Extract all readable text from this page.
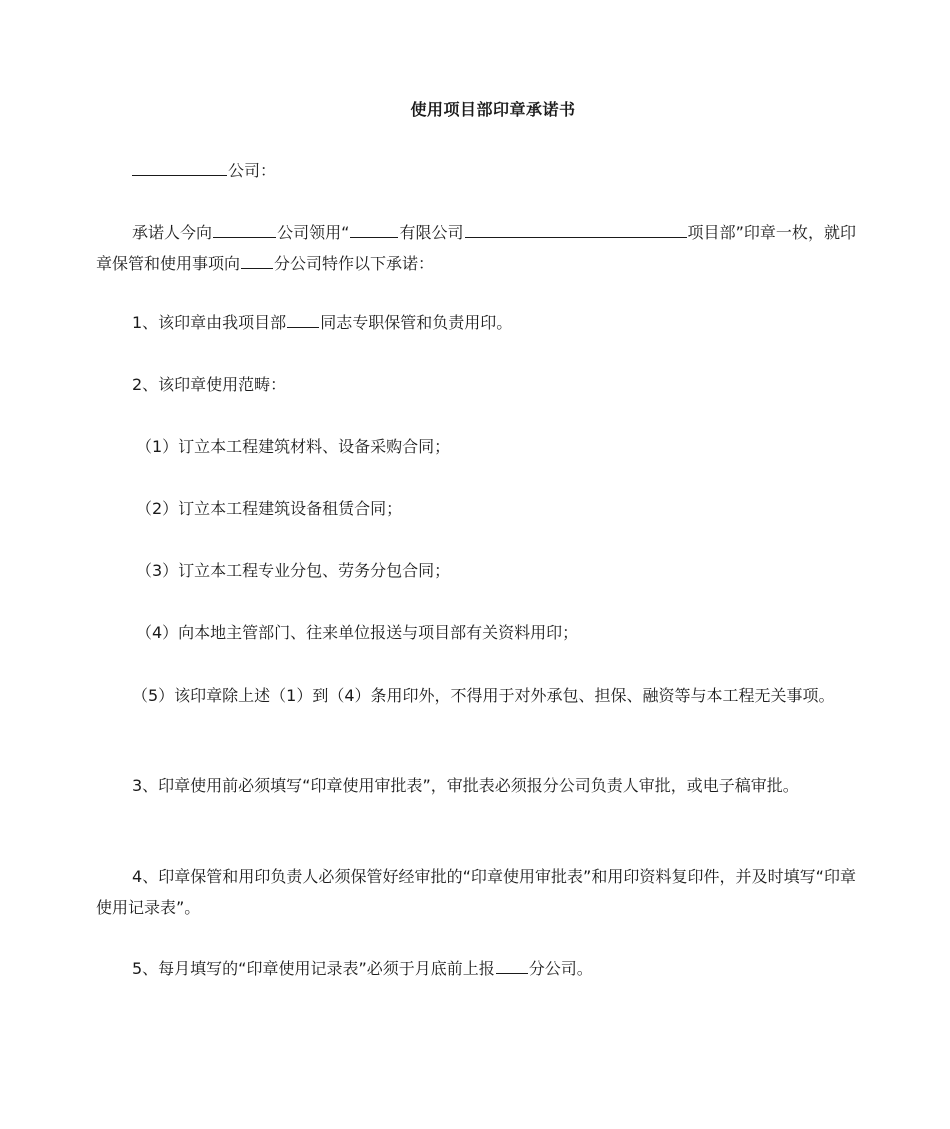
使用项目部印章承诺书

公司：

承诺人今向	公司领用“	有限公司	项目部”印章一枚，就印章保管和使用事项向 分公司特作以下承诺：

1、该印章由我项目部 同志专职保管和负责用印。

2、该印章使用范畴：

（1）订立本工程建筑材料、设备采购合同；

（2）订立本工程建筑设备租赁合同；

（3）订立本工程专业分包、劳务分包合同；

（4）向本地主管部门、往来单位报送与项目部有关资料用印；

（5）该印章除上述（1）到（4）条用印外，不得用于对外承包、担保、融资等与本工程无关事项。

3、印章使用前必须填写“印章使用审批表”，审批表必须报分公司负责人审批，或电子稿审批。

4、印章保管和用印负责人必须保管好经审批的“印章使用审批表”和用印资料复印件，并及时填写“印章使用记录表”。

5、每月填写的“印章使用记录表”必须于月底前上报 分公司。
